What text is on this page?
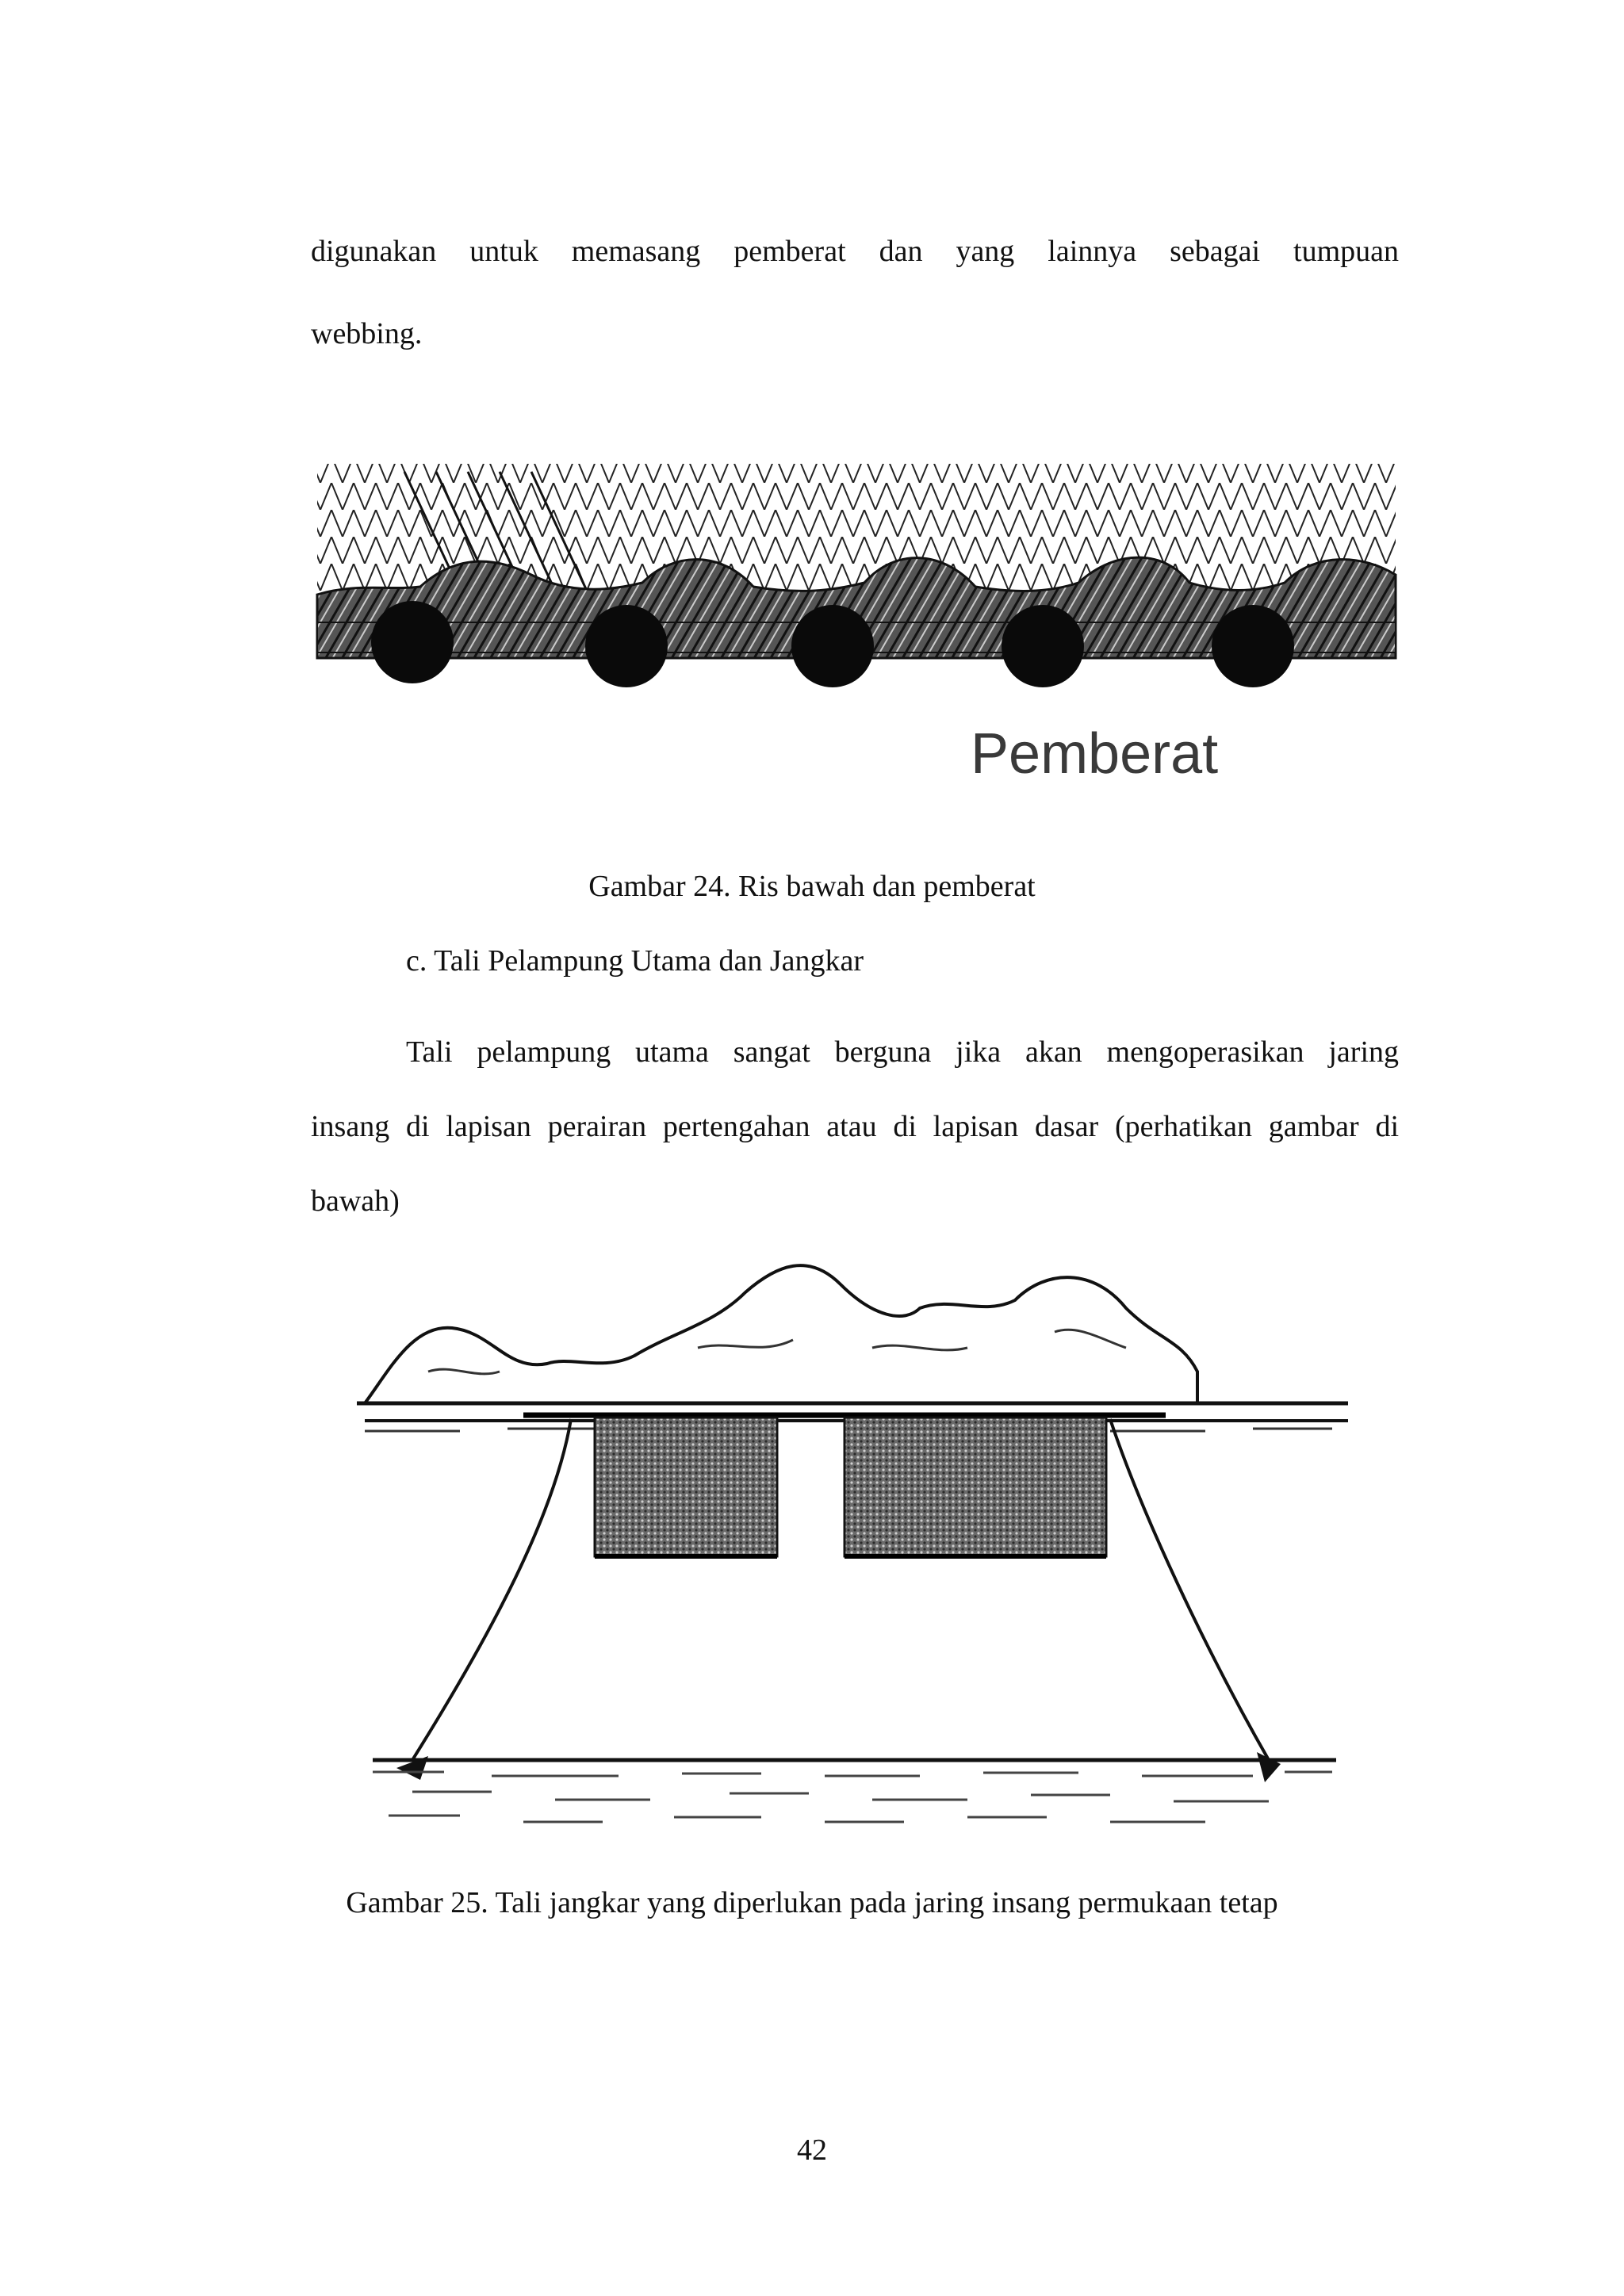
digunakan untuk memasang pemberat dan yang lainnya sebagai tumpuan

webbing.

Pemberat

Gambar 24. Ris bawah dan pemberat

c. Tali Pelampung Utama dan Jangkar

Tali pelampung utama sangat berguna jika akan mengoperasikan jaring

insang di lapisan perairan pertengahan atau di lapisan dasar (perhatikan gambar di

bawah)

Gambar 25. Tali jangkar yang diperlukan pada jaring insang permukaan tetap

42
